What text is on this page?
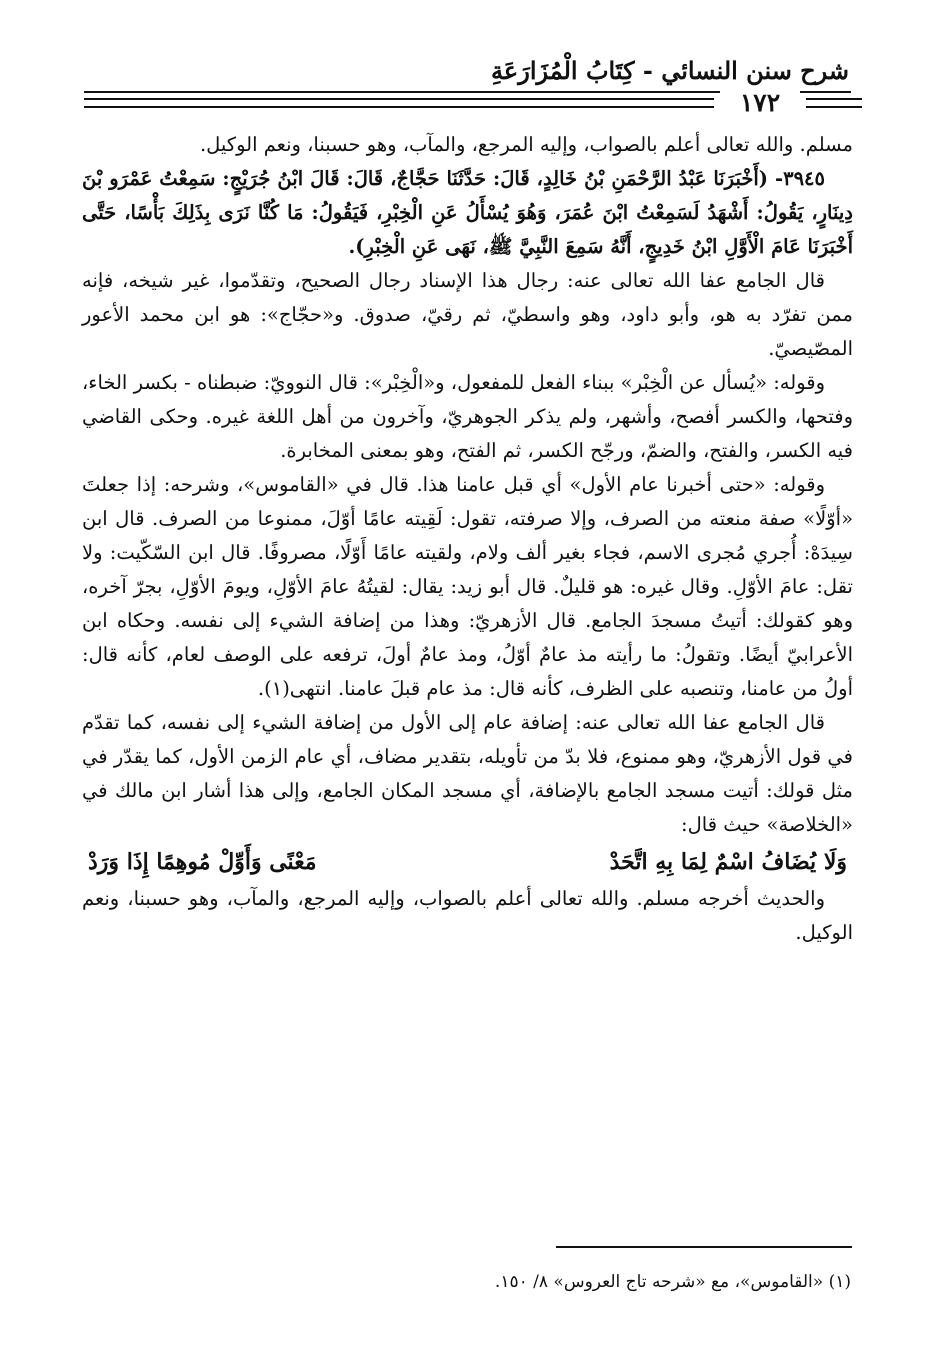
شرح سنن النسائي - كِتَابُ الْمُزَارَعَةِ
١٧٢

مسلم. والله تعالى أعلم بالصواب، وإليه المرجع، والمآب، وهو حسبنا، ونعم الوكيل.

٣٩٤٥- (أَخْبَرَنَا عَبْدُ الرَّحْمَنِ بْنُ خَالِدٍ، قَالَ: حَدَّثَنَا حَجَّاجٌ، قَالَ: قَالَ ابْنُ جُرَيْجٍ: سَمِعْتُ عَمْرَو بْنَ دِينَارٍ، يَقُولُ: أَشْهَدُ لَسَمِعْتُ ابْنَ عُمَرَ، وَهُوَ يُسْأَلُ عَنِ الْخِبْرِ، فَيَقُولُ: مَا كُنَّا نَرَى بِذَلِكَ بَأْسًا، حَتَّى أَخْبَرَنَا عَامَ الْأَوَّلِ ابْنُ خَدِيجٍ، أَنَّهُ سَمِعَ النَّبِيَّ ﷺ، نَهَى عَنِ الْخِبْرِ).

قال الجامع عفا الله تعالى عنه: رجال هذا الإسناد رجال الصحيح، وتقدّموا، غير شيخه، فإنه ممن تفرّد به هو، وأبو داود، وهو واسطيّ، ثم رقيّ، صدوق. و«حجّاج»: هو ابن محمد الأعور المصّيصيّ.

وقوله: «يُسأل عن الْخِبْر» ببناء الفعل للمفعول، و«الْخِبْر»: قال النوويّ: ضبطناه - بكسر الخاء، وفتحها، والكسر أفصح، وأشهر، ولم يذكر الجوهريّ، وآخرون من أهل اللغة غيره. وحكى القاضي فيه الكسر، والفتح، والضمّ، ورجّح الكسر، ثم الفتح، وهو بمعنى المخابرة.

وقوله: «حتى أخبرنا عام الأول» أي قبل عامنا هذا. قال في «القاموس»، وشرحه: إذا جعلتَ «أوّلًا» صفة منعته من الصرف، وإلا صرفته، تقول: لَقِيته عامًا أوّلَ، ممنوعا من الصرف. قال ابن سِيدَهْ: أُجري مُجرى الاسم، فجاء بغير ألف ولام، ولقيته عامًا أَوّلًا، مصروفًا. قال ابن السّكّيت: ولا تقل: عامَ الأوّلِ. وقال غيره: هو قليلٌ. قال أبو زيد: يقال: لقيتُهُ عامَ الأوّلِ، ويومَ الأوّلِ، بجرّ آخره، وهو كقولك: أتيتُ مسجدَ الجامع. قال الأزهريّ: وهذا من إضافة الشيء إلى نفسه. وحكاه ابن الأعرابيّ أيضًا. وتقولُ: ما رأيته مذ عامٌ أوّلُ، ومذ عامٌ أولَ، ترفعه على الوصف لعام، كأنه قال: أولُ من عامنا، وتنصبه على الظرف، كأنه قال: مذ عام قبلَ عامنا. انتهى(١).

قال الجامع عفا الله تعالى عنه: إضافة عام إلى الأول من إضافة الشيء إلى نفسه، كما تقدّم في قول الأزهريّ، وهو ممنوع، فلا بدّ من تأويله، بتقدير مضاف، أي عام الزمن الأول، كما يقدّر في مثل قولك: أتيت مسجد الجامع بالإضافة، أي مسجد المكان الجامع، وإلى هذا أشار ابن مالك في «الخلاصة» حيث قال:

وَلَا يُضَافُ اسْمٌ لِمَا بِهِ اتَّحَدْ
مَعْنًى وَأَوِّلْ مُوهِمًا إِذَا وَرَدْ

والحديث أخرجه مسلم. والله تعالى أعلم بالصواب، وإليه المرجع، والمآب، وهو حسبنا، ونعم الوكيل.

(١) «القاموس»، مع «شرحه تاج العروس» ٨/ ١٥٠.
